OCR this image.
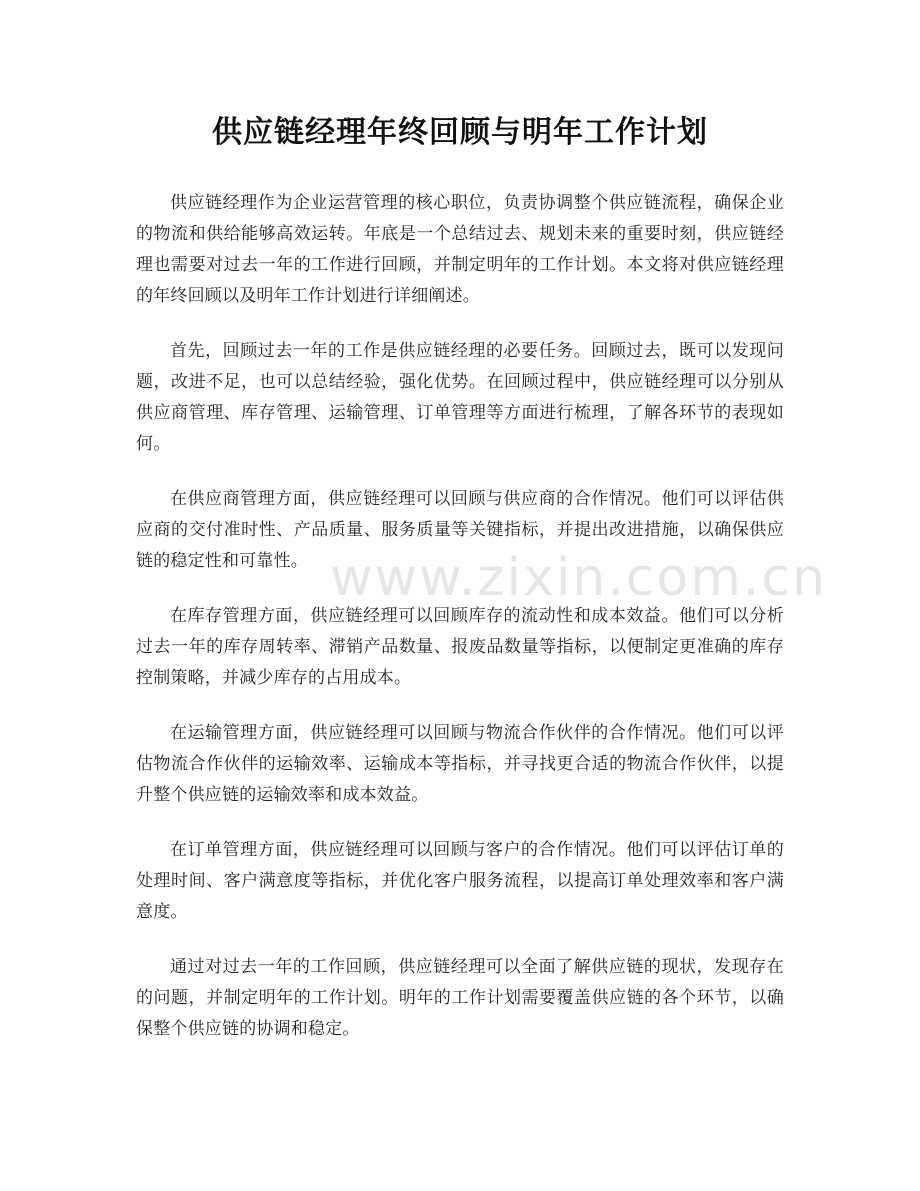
供应链经理年终回顾与明年工作计划

供应链经理作为企业运营管理的核心职位，负责协调整个供应链流程，确保企业的物流和供给能够高效运转。年底是一个总结过去、规划未来的重要时刻，供应链经理也需要对过去一年的工作进行回顾，并制定明年的工作计划。本文将对供应链经理的年终回顾以及明年工作计划进行详细阐述。

首先，回顾过去一年的工作是供应链经理的必要任务。回顾过去，既可以发现问题，改进不足，也可以总结经验，强化优势。在回顾过程中，供应链经理可以分别从供应商管理、库存管理、运输管理、订单管理等方面进行梳理，了解各环节的表现如何。

在供应商管理方面，供应链经理可以回顾与供应商的合作情况。他们可以评估供应商的交付准时性、产品质量、服务质量等关键指标，并提出改进措施，以确保供应链的稳定性和可靠性。

在库存管理方面，供应链经理可以回顾库存的流动性和成本效益。他们可以分析过去一年的库存周转率、滞销产品数量、报废品数量等指标，以便制定更准确的库存控制策略，并减少库存的占用成本。

在运输管理方面，供应链经理可以回顾与物流合作伙伴的合作情况。他们可以评估物流合作伙伴的运输效率、运输成本等指标，并寻找更合适的物流合作伙伴，以提升整个供应链的运输效率和成本效益。

在订单管理方面，供应链经理可以回顾与客户的合作情况。他们可以评估订单的处理时间、客户满意度等指标，并优化客户服务流程，以提高订单处理效率和客户满意度。

通过对过去一年的工作回顾，供应链经理可以全面了解供应链的现状，发现存在的问题，并制定明年的工作计划。明年的工作计划需要覆盖供应链的各个环节，以确保整个供应链的协调和稳定。

www.zixin.com.cn
